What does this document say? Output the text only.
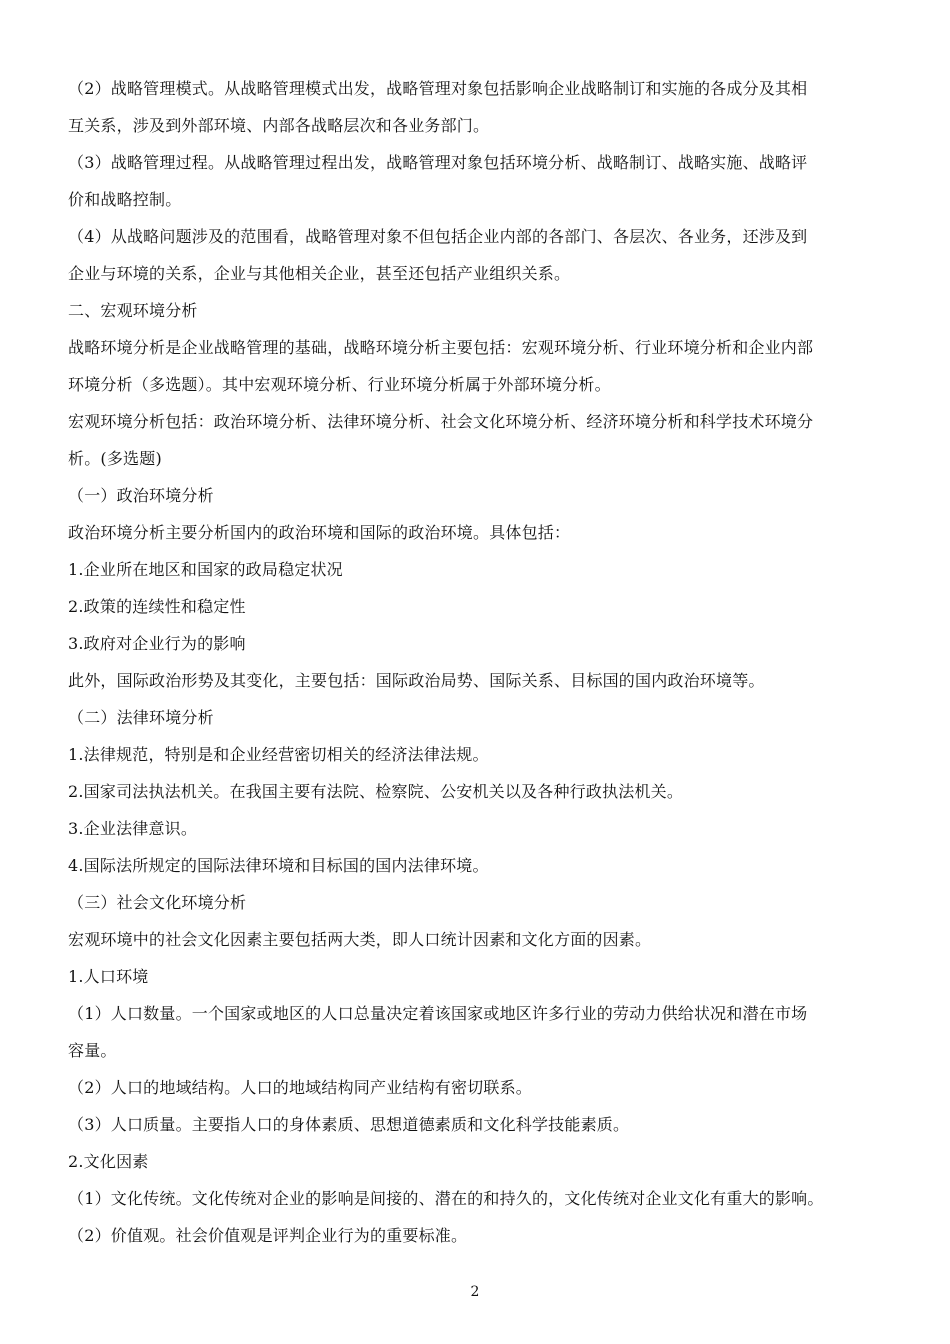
（2）战略管理模式。从战略管理模式出发，战略管理对象包括影响企业战略制订和实施的各成分及其相
互关系，涉及到外部环境、内部各战略层次和各业务部门。
（3）战略管理过程。从战略管理过程出发，战略管理对象包括环境分析、战略制订、战略实施、战略评
价和战略控制。
（4）从战略问题涉及的范围看，战略管理对象不但包括企业内部的各部门、各层次、各业务，还涉及到
企业与环境的关系，企业与其他相关企业，甚至还包括产业组织关系。
二、宏观环境分析
战略环境分析是企业战略管理的基础，战略环境分析主要包括：宏观环境分析、行业环境分析和企业内部
环境分析（多选题）。其中宏观环境分析、行业环境分析属于外部环境分析。
宏观环境分析包括：政治环境分析、法律环境分析、社会文化环境分析、经济环境分析和科学技术环境分
析。(多选题)
（一）政治环境分析
政治环境分析主要分析国内的政治环境和国际的政治环境。具体包括：
1.企业所在地区和国家的政局稳定状况
2.政策的连续性和稳定性
3.政府对企业行为的影响
此外，国际政治形势及其变化，主要包括：国际政治局势、国际关系、目标国的国内政治环境等。
（二）法律环境分析
1.法律规范，特别是和企业经营密切相关的经济法律法规。
2.国家司法执法机关。在我国主要有法院、检察院、公安机关以及各种行政执法机关。
3.企业法律意识。
4.国际法所规定的国际法律环境和目标国的国内法律环境。
（三）社会文化环境分析
宏观环境中的社会文化因素主要包括两大类，即人口统计因素和文化方面的因素。
1.人口环境
（1）人口数量。一个国家或地区的人口总量决定着该国家或地区许多行业的劳动力供给状况和潜在市场
容量。
（2）人口的地域结构。人口的地域结构同产业结构有密切联系。
（3）人口质量。主要指人口的身体素质、思想道德素质和文化科学技能素质。
2.文化因素
（1）文化传统。文化传统对企业的影响是间接的、潜在的和持久的，文化传统对企业文化有重大的影响。
（2）价值观。社会价值观是评判企业行为的重要标准。
2
